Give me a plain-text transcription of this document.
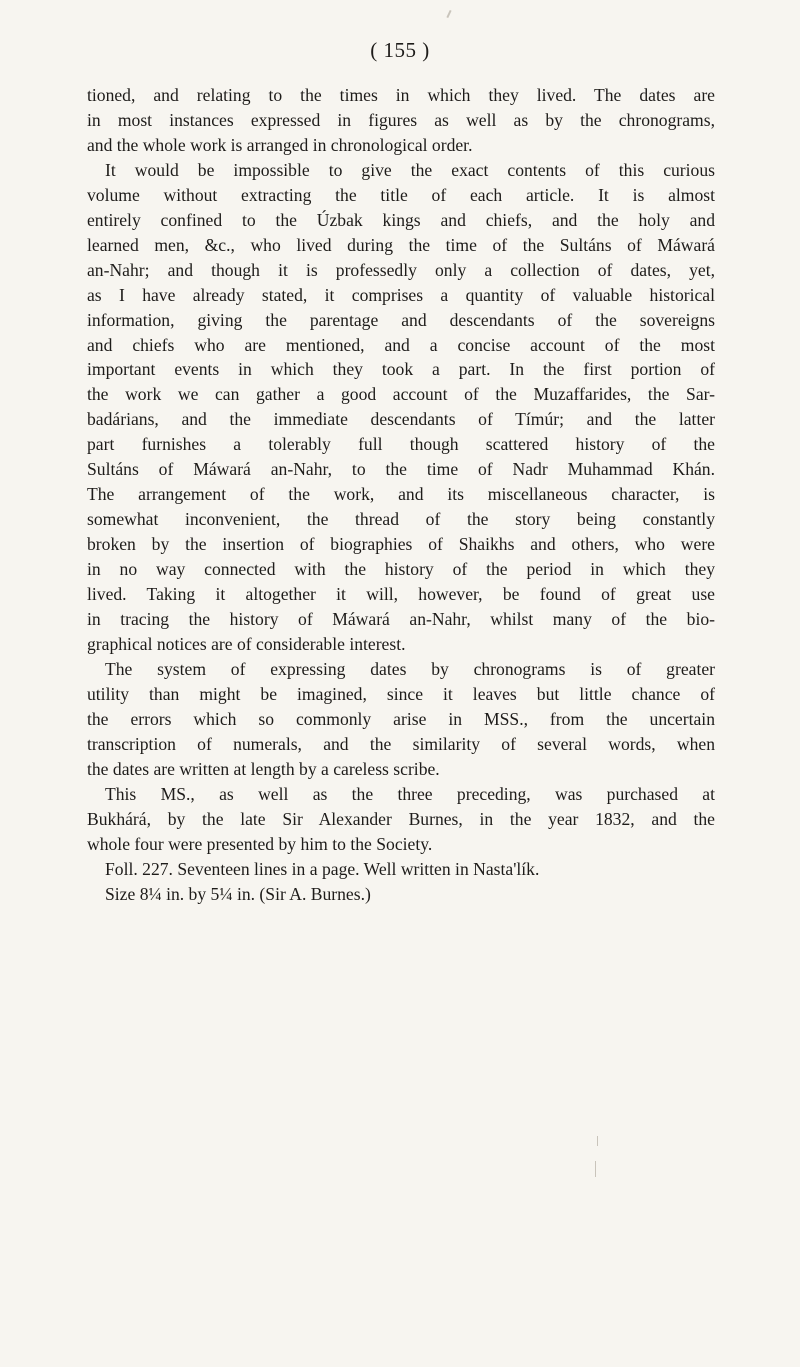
( 155 )

tioned, and relating to the times in which they lived. The dates are

in most instances expressed in figures as well as by the chronograms,

and the whole work is arranged in chronological order.

It would be impossible to give the exact contents of this curious

volume without extracting the title of each article. It is almost

entirely confined to the Úzbak kings and chiefs, and the holy and

learned men, &c., who lived during the time of the Sultáns of Máwará

an-Nahr; and though it is professedly only a collection of dates, yet,

as I have already stated, it comprises a quantity of valuable historical

information, giving the parentage and descendants of the sovereigns

and chiefs who are mentioned, and a concise account of the most

important events in which they took a part. In the first portion of

the work we can gather a good account of the Muzaffarides, the Sar-

badárians, and the immediate descendants of Tímúr; and the latter

part furnishes a tolerably full though scattered history of the

Sultáns of Máwará an-Nahr, to the time of Nadr Muhammad Khán.

The arrangement of the work, and its miscellaneous character, is

somewhat inconvenient, the thread of the story being constantly

broken by the insertion of biographies of Shaikhs and others, who were

in no way connected with the history of the period in which they

lived. Taking it altogether it will, however, be found of great use

in tracing the history of Máwará an-Nahr, whilst many of the bio-

graphical notices are of considerable interest.

The system of expressing dates by chronograms is of greater

utility than might be imagined, since it leaves but little chance of

the errors which so commonly arise in MSS., from the uncertain

transcription of numerals, and the similarity of several words, when

the dates are written at length by a careless scribe.

This MS., as well as the three preceding, was purchased at

Bukhárá, by the late Sir Alexander Burnes, in the year 1832, and the

whole four were presented by him to the Society.

Foll. 227. Seventeen lines in a page. Well written in Nasta'lík.

Size 8¼ in. by 5¼ in. (Sir A. Burnes.)
